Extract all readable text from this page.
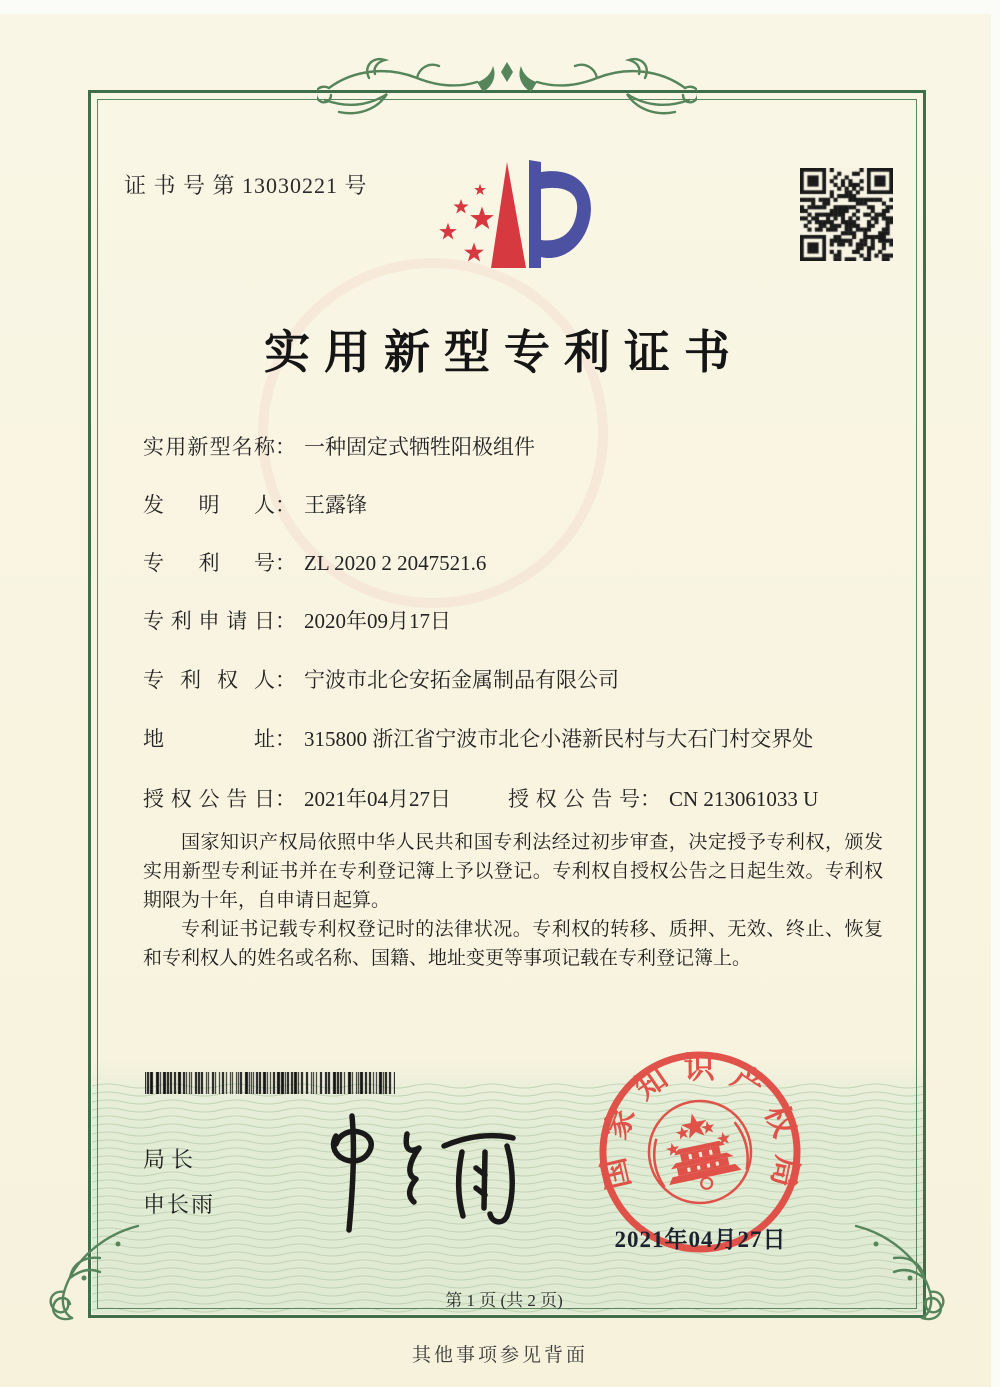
证 书 号 第 13030221 号
实用新型专利证书
实用新型名称： 一种固定式牺牲阳极组件
发明人： 王露锋
专利号： ZL 2020 2 2047521.6
专利申请日： 2020年09月17日
专利权人： 宁波市北仑安拓金属制品有限公司
地址： 315800 浙江省宁波市北仑小港新民村与大石门村交界处
授权公告日： 2021年04月27日	授权公告号： CN 213061033 U

国家知识产权局依照中华人民共和国专利法经过初步审查，决定授予专利权，颁发实用新型专利证书并在专利登记簿上予以登记。专利权自授权公告之日起生效。专利权期限为十年，自申请日起算。

专利证书记载专利权登记时的法律状况。专利权的转移、质押、无效、终止、恢复和专利权人的姓名或名称、国籍、地址变更等事项记载在专利登记簿上。

局长
申长雨
国家知识产权局
2021年04月27日
第 1 页 (共 2 页)
其他事项参见背面
